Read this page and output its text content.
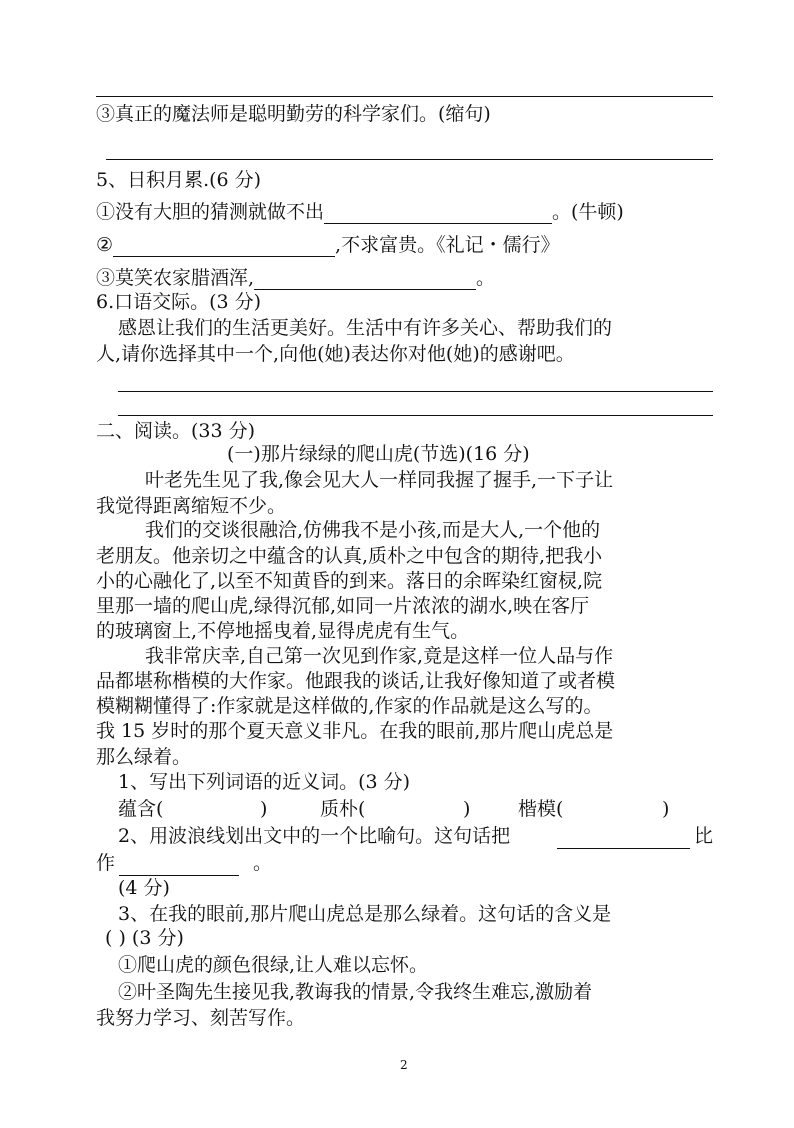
③真正的魔法师是聪明勤劳的科学家们。(缩句)
5、日积月累.(6 分)
①没有大胆的猜测就做不出	。(牛顿)
②	,不求富贵。《礼记・儒行》
③莫笑农家腊酒浑,	。
6.口语交际。(3 分)
感恩让我们的生活更美好。生活中有许多关心、帮助我们的
人,请你选择其中一个,向他(她)表达你对他(她)的感谢吧。
二、阅读。(33 分)
(一)那片绿绿的爬山虎(节选)(16 分)
叶老先生见了我,像会见大人一样同我握了握手,一下子让
我觉得距离缩短不少。
我们的交谈很融洽,仿佛我不是小孩,而是大人,一个他的
老朋友。他亲切之中蕴含的认真,质朴之中包含的期待,把我小
小的心融化了,以至不知黄昏的到来。落日的余晖染红窗棂,院
里那一墙的爬山虎,绿得沉郁,如同一片浓浓的湖水,映在客厅
的玻璃窗上,不停地摇曳着,显得虎虎有生气。
我非常庆幸,自己第一次见到作家,竟是这样一位人品与作
品都堪称楷模的大作家。他跟我的谈话,让我好像知道了或者模
模糊糊懂得了:作家就是这样做的,作家的作品就是这么写的。
我 15 岁时的那个夏天意义非凡。在我的眼前,那片爬山虎总是
那么绿着。
1、写出下列词语的近义词。(3 分)
蕴含(	)	质朴(	)	楷模(	)
2、用波浪线划出文中的一个比喻句。这句话把	比
作	。
(4 分)
3、在我的眼前,那片爬山虎总是那么绿着。这句话的含义是
( ) (3 分)
①爬山虎的颜色很绿,让人难以忘怀。
②叶圣陶先生接见我,教诲我的情景,令我终生难忘,激励着
我努力学习、刻苦写作。
2
